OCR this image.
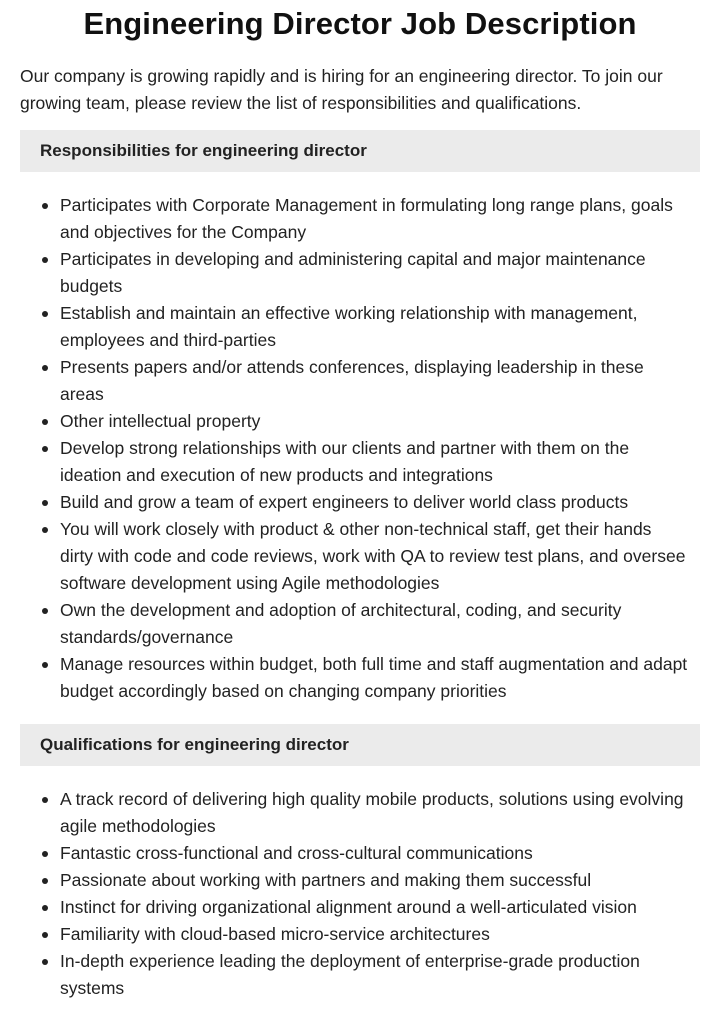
Engineering Director Job Description

Our company is growing rapidly and is hiring for an engineering director. To join our growing team, please review the list of responsibilities and qualifications.

Responsibilities for engineering director
Participates with Corporate Management in formulating long range plans, goals and objectives for the Company
Participates in developing and administering capital and major maintenance budgets
Establish and maintain an effective working relationship with management, employees and third-parties
Presents papers and/or attends conferences, displaying leadership in these areas
Other intellectual property
Develop strong relationships with our clients and partner with them on the ideation and execution of new products and integrations
Build and grow a team of expert engineers to deliver world class products
You will work closely with product & other non-technical staff, get their hands dirty with code and code reviews, work with QA to review test plans, and oversee software development using Agile methodologies
Own the development and adoption of architectural, coding, and security standards/governance
Manage resources within budget, both full time and staff augmentation and adapt budget accordingly based on changing company priorities
Qualifications for engineering director
A track record of delivering high quality mobile products, solutions using evolving agile methodologies
Fantastic cross-functional and cross-cultural communications
Passionate about working with partners and making them successful
Instinct for driving organizational alignment around a well-articulated vision
Familiarity with cloud-based micro-service architectures
In-depth experience leading the deployment of enterprise-grade production systems
